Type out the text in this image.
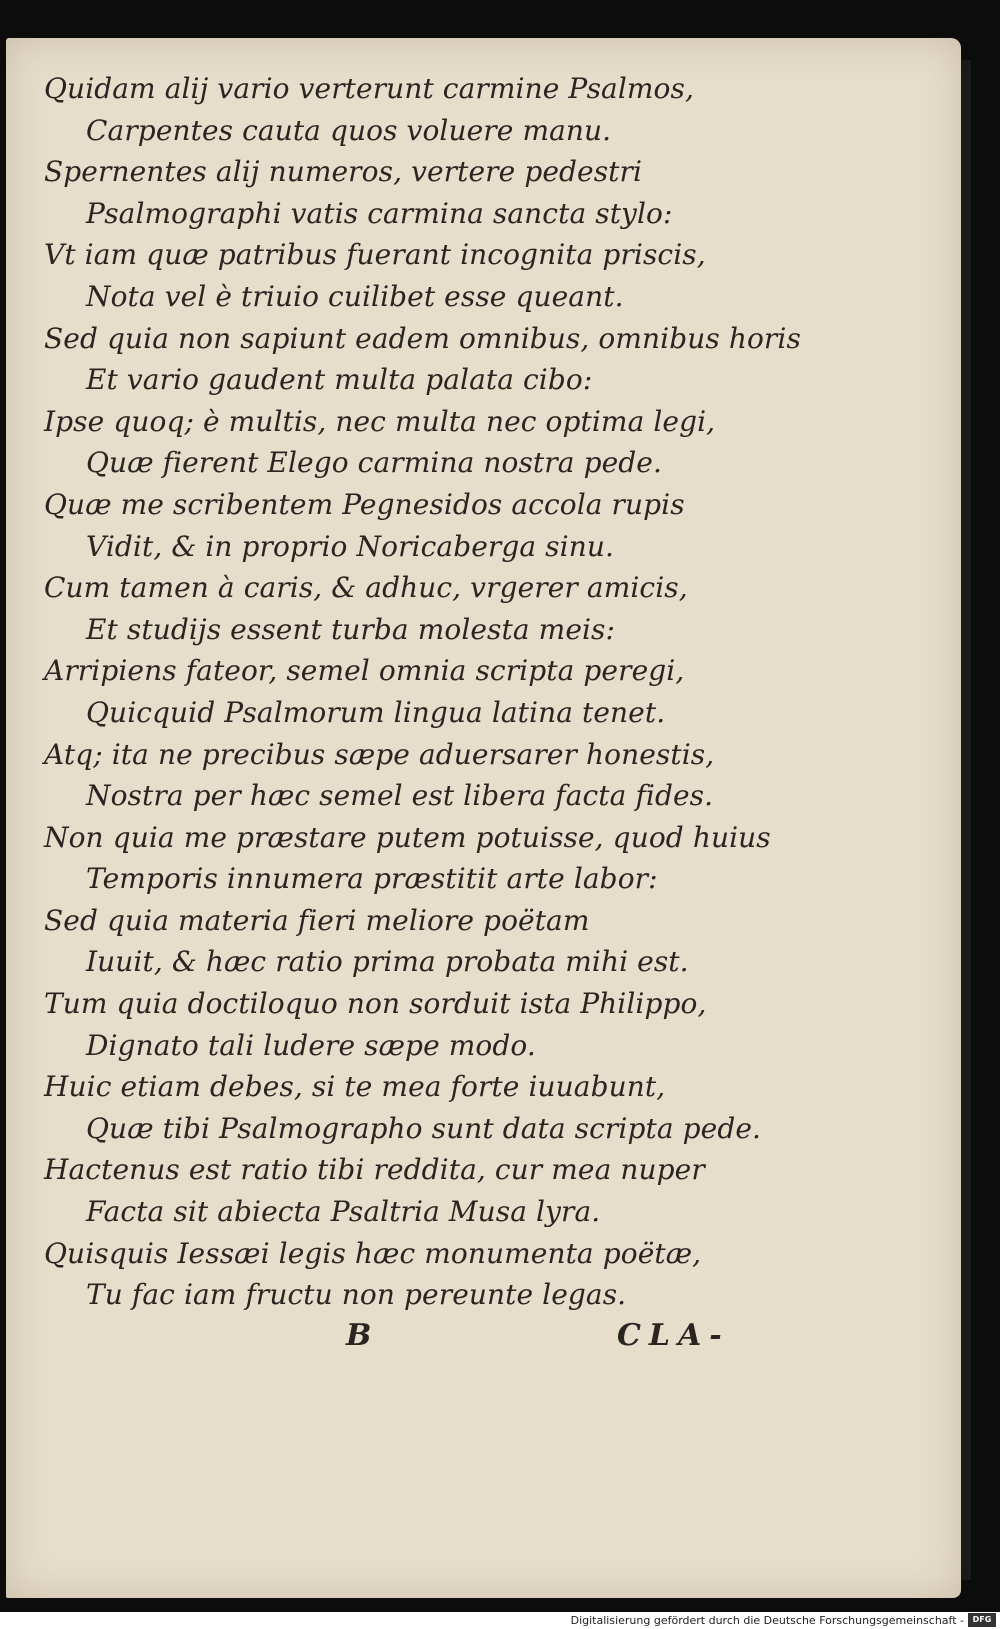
Quidam alij vario verterunt carmine Psalmos,
Carpentes cauta quos voluere manu.
Spernentes alij numeros, vertere pedestri
Psalmographi vatis carmina sancta stylo:
Vt iam quæ patribus fuerant incognita priscis,
Nota vel è triuio cuilibet esse queant.
Sed quia non sapiunt eadem omnibus, omnibus horis
Et vario gaudent multa palata cibo:
Ipse quoq; è multis, nec multa nec optima legi,
Quæ fierent Elego carmina nostra pede.
Quæ me scribentem Pegnesidos accola rupis
Vidit, & in proprio Noricaberga sinu.
Cum tamen à caris, & adhuc, vrgerer amicis,
Et studijs essent turba molesta meis:
Arripiens fateor, semel omnia scripta peregi,
Quicquid Psalmorum lingua latina tenet.
Atq; ita ne precibus sæpe aduersarer honestis,
Nostra per hæc semel est libera facta fides.
Non quia me præstare putem potuisse, quod huius
Temporis innumera præstitit arte labor:
Sed quia materia fieri meliore poëtam
Iuuit, & hæc ratio prima probata mihi est.
Tum quia doctiloquo non sorduit ista Philippo,
Dignato tali ludere sæpe modo.
Huic etiam debes, si te mea forte iuuabunt,
Quæ tibi Psalmographo sunt data scripta pede.
Hactenus est ratio tibi reddita, cur mea nuper
Facta sit abiecta Psaltria Musa lyra.
Quisquis Iessæi legis hæc monumenta poëtæ,
Tu fac iam fructu non pereunte legas.
B	CLA-
Digitalisierung gefördert durch die Deutsche Forschungsgemeinschaft -	DFG
